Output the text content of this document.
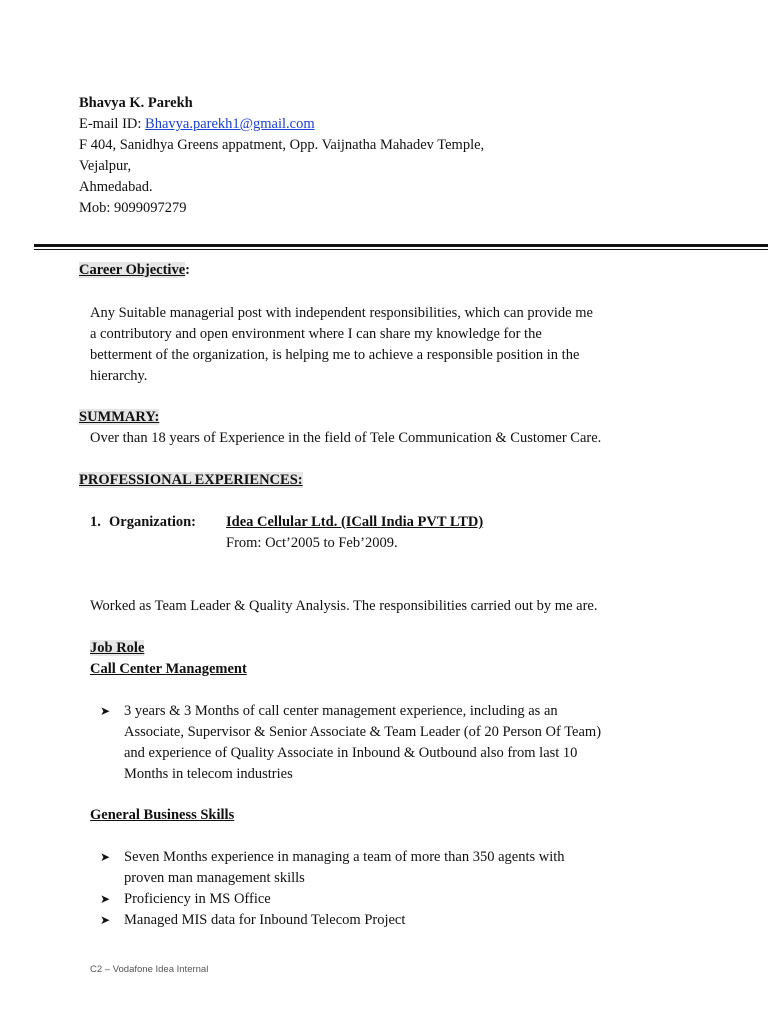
Bhavya K. Parekh
E-mail ID: Bhavya.parekh1@gmail.com
F 404, Sanidhya Greens appatment, Opp. Vaijnatha Mahadev Temple,
Vejalpur,
Ahmedabad.
Mob: 9099097279
Career Objective:
Any Suitable managerial post with independent responsibilities, which can provide me
a contributory and open environment where I can share my knowledge for the
betterment of the organization, is helping me to achieve a responsible position in the
hierarchy.
SUMMARY:
Over than 18 years of Experience in the field of Tele Communication & Customer Care.
PROFESSIONAL EXPERIENCES:
1. Organization: Idea Cellular Ltd. (ICall India PVT LTD)
From: Oct’2005 to Feb’2009.
Worked as Team Leader & Quality Analysis. The responsibilities carried out by me are.
Job Role
Call Center Management
➤ 3 years & 3 Months of call center management experience, including as an
Associate, Supervisor & Senior Associate & Team Leader (of 20 Person Of Team)
and experience of Quality Associate in Inbound & Outbound also from last 10
Months in telecom industries
General Business Skills
➤ Seven Months experience in managing a team of more than 350 agents with
proven man management skills
➤ Proficiency in MS Office
➤ Managed MIS data for Inbound Telecom Project
C2 – Vodafone Idea Internal
